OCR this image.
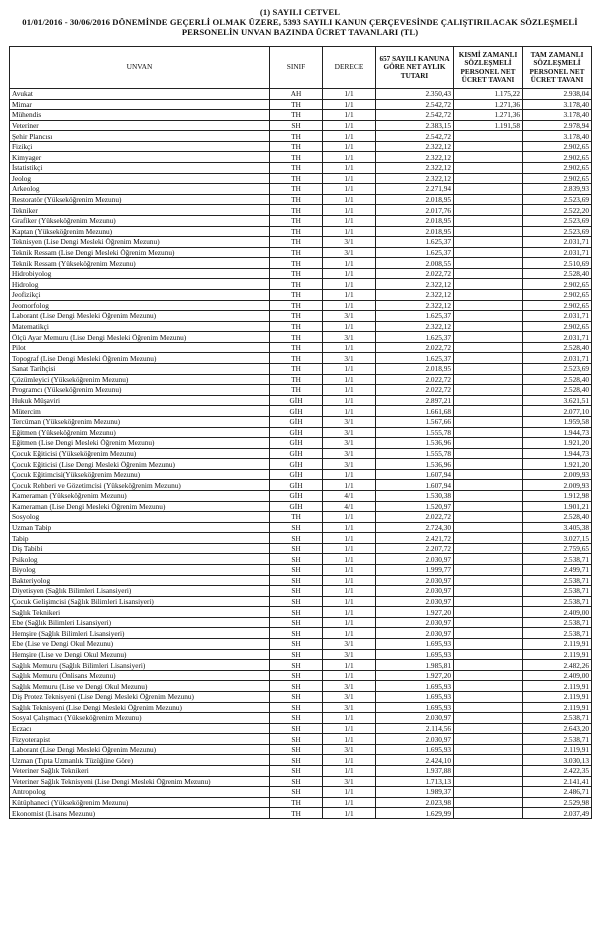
(1) SAYILI CETVEL
01/01/2016 - 30/06/2016 DÖNEMİNDE GEÇERLİ OLMAK ÜZERE, 5393 SAYILI KANUN ÇERÇEVESİNDE ÇALIŞTIRILACAK SÖZLEŞMELİ
PERSONELİN UNVAN BAZINDA ÜCRET TAVANLARI (TL)
UNVAN	SINIF	DERECE	657 SAYILI KANUNA GÖRE NET AYLIK TUTARI	KISMİ ZAMANLI SÖZLEŞMELİ PERSONEL NET ÜCRET TAVANI	TAM ZAMANLI SÖZLEŞMELİ PERSONEL NET ÜCRET TAVANI
Avukat	AH	1/1	2.350,43	1.175,22	2.938,04
Mimar	TH	1/1	2.542,72	1.271,36	3.178,40
Mühendis	TH	1/1	2.542,72	1.271,36	3.178,40
Veteriner	SH	1/1	2.383,15	1.191,58	2.978,94
Şehir Plancısı	TH	1/1	2.542,72		3.178,40
Fizikçi	TH	1/1	2.322,12		2.902,65
Kimyager	TH	1/1	2.322,12		2.902,65
İstatistikçi	TH	1/1	2.322,12		2.902,65
Jeolog	TH	1/1	2.322,12		2.902,65
Arkeolog	TH	1/1	2.271,94		2.839,93
Restoratör (Yükseköğrenim Mezunu)	TH	1/1	2.018,95		2.523,69
Tekniker	TH	1/1	2.017,76		2.522,20
Grafiker (Yükseköğrenim Mezunu)	TH	1/1	2.018,95		2.523,69
Kaptan (Yükseköğrenim Mezunu)	TH	1/1	2.018,95		2.523,69
Teknisyen (Lise Dengi Mesleki Öğrenim Mezunu)	TH	3/1	1.625,37		2.031,71
Teknik Ressam (Lise Dengi Mesleki Öğrenim Mezunu)	TH	3/1	1.625,37		2.031,71
Teknik Ressam (Yükseköğrenim Mezunu)	TH	1/1	2.008,55		2.510,69
Hidrobiyolog	TH	1/1	2.022,72		2.528,40
Hidrolog	TH	1/1	2.322,12		2.902,65
Jeofizikçi	TH	1/1	2.322,12		2.902,65
Jeomorfolog	TH	1/1	2.322,12		2.902,65
Laborant (Lise Dengi Mesleki Öğrenim Mezunu)	TH	3/1	1.625,37		2.031,71
Matematikçi	TH	1/1	2.322,12		2.902,65
Ölçü Ayar Memuru (Lise Dengi Mesleki Öğrenim Mezunu)	TH	3/1	1.625,37		2.031,71
Pilot	TH	1/1	2.022,72		2.528,40
Topograf (Lise Dengi Mesleki Öğrenim Mezunu)	TH	3/1	1.625,37		2.031,71
Sanat Tarihçisi	TH	1/1	2.018,95		2.523,69
Çözümleyici (Yükseköğrenim Mezunu)	TH	1/1	2.022,72		2.528,40
Programcı (Yükseköğrenim Mezunu)	TH	1/1	2.022,72		2.528,40
Hukuk Müşaviri	GİH	1/1	2.897,21		3.621,51
Mütercim	GİH	1/1	1.661,68		2.077,10
Tercüman (Yükseköğrenim Mezunu)	GİH	3/1	1.567,66		1.959,58
Eğitmen (Yükseköğrenim Mezunu)	GİH	3/1	1.555,78		1.944,73
Eğitmen (Lise Dengi Mesleki Öğrenim Mezunu)	GİH	3/1	1.536,96		1.921,20
Çocuk Eğiticisi (Yükseköğrenim Mezunu)	GİH	3/1	1.555,78		1.944,73
Çocuk Eğiticisi (Lise Dengi Mesleki Öğrenim Mezunu)	GİH	3/1	1.536,96		1.921,20
Çocuk Eğitimcisi(Yükseköğrenim Mezunu)	GİH	1/1	1.607,94		2.009,93
Çocuk Rehberi ve Gözetimcisi (Yükseköğrenim Mezunu)	GİH	1/1	1.607,94		2.009,93
Kameraman (Yükseköğrenim Mezunu)	GİH	4/1	1.530,38		1.912,98
Kameraman (Lise Dengi Mesleki Öğrenim Mezunu)	GİH	4/1	1.520,97		1.901,21
Sosyolog	TH	1/1	2.022,72		2.528,40
Uzman Tabip	SH	1/1	2.724,30		3.405,38
Tabip	SH	1/1	2.421,72		3.027,15
Diş Tabibi	SH	1/1	2.207,72		2.759,65
Psikolog	SH	1/1	2.030,97		2.538,71
Biyolog	SH	1/1	1.999,77		2.499,71
Bakteriyolog	SH	1/1	2.030,97		2.538,71
Diyetisyen (Sağlık Bilimleri Lisansiyeri)	SH	1/1	2.030,97		2.538,71
Çocuk Gelişimcisi (Sağlık Bilimleri Lisansiyeri)	SH	1/1	2.030,97		2.538,71
Sağlık Teknikeri	SH	1/1	1.927,20		2.409,00
Ebe (Sağlık Bilimleri Lisansiyeri)	SH	1/1	2.030,97		2.538,71
Hemşire (Sağlık Bilimleri Lisansiyeri)	SH	1/1	2.030,97		2.538,71
Ebe (Lise ve Dengi Okul Mezunu)	SH	3/1	1.695,93		2.119,91
Hemşire (Lise ve Dengi Okul Mezunu)	SH	3/1	1.695,93		2.119,91
Sağlık Memuru (Sağlık Bilimleri Lisansiyeri)	SH	1/1	1.985,81		2.482,26
Sağlık Memuru (Önlisans Mezunu)	SH	1/1	1.927,20		2.409,00
Sağlık Memuru (Lise ve Dengi Okul Mezunu)	SH	3/1	1.695,93		2.119,91
Diş Protez Teknisyeni (Lise Dengi Mesleki Öğrenim Mezunu)	SH	3/1	1.695,93		2.119,91
Sağlık Teknisyeni (Lise Dengi Mesleki Öğrenim Mezunu)	SH	3/1	1.695,93		2.119,91
Sosyal Çalışmacı (Yükseköğrenim Mezunu)	SH	1/1	2.030,97		2.538,71
Eczacı	SH	1/1	2.114,56		2.643,20
Fizyoterapist	SH	1/1	2.030,97		2.538,71
Laborant (Lise Dengi Mesleki Öğrenim Mezunu)	SH	3/1	1.695,93		2.119,91
Uzman (Tıpta Uzmanlık Tüzüğüne Göre)	SH	1/1	2.424,10		3.030,13
Veteriner Sağlık Teknikeri	SH	1/1	1.937,88		2.422,35
Veteriner Sağlık Teknisyeni (Lise Dengi Mesleki Öğrenim Mezunu)	SH	3/1	1.713,13		2.141,41
Antropolog	SH	1/1	1.989,37		2.486,71
Kütüphaneci (Yükseköğrenim Mezunu)	TH	1/1	2.023,98		2.529,98
Ekonomist (Lisans Mezunu)	TH	1/1	1.629,99		2.037,49
